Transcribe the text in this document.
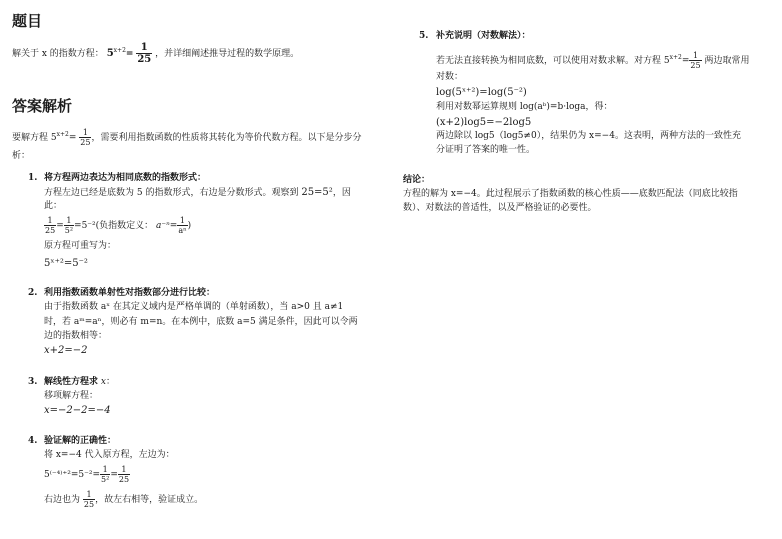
题目
解关于 x 的指数方程： $5^{x+2}= \frac{1}{25}$ ，并详细阐述推导过程的数学原理。
答案解析
要解方程 $5^{x+2}= \frac{1}{25}$ ，需要利用指数函数的性质将其转化为等价代数方程。以下是分步分
析：
1. 将方程两边表达为相同底数的指数形式：
方程左边已经是底数为 5 的指数形式，右边是分数形式。观察到 25=5²，因
此：
$\frac{1}{25} = \frac{1}{\text{5²}} =5^{-2}$(负指数定义： $a^{-n}= \frac{1}{\text{aⁿ}}$ )
原方程可重写为：
5ˣ⁺²=5⁻²
2. 利用指数函数单射性对指数部分进行比较：
由于指数函数 aˣ 在其定义域内是严格单调的（单射函数），当 a>0 且 a≠1
时，若 aᵐ=aⁿ，则必有 m=n。在本例中，底数 a=5 满足条件，因此可以令两
边的指数相等：
x+2=−2
3. 解线性方程求 x：
移项解方程：
x=−2−2=−4
4. 验证解的正确性：
将 x=−4 代入原方程，左边为：
$5^{(-4)+2}=5^{-2}= \frac{1}{\text{5²}} = \frac{1}{25}$
右边也为 $\frac{1}{25}$ ，故左右相等，验证成立。
5. 补充说明（对数解法）：
若无法直接转换为相同底数，可以使用对数求解。对方程 $5^{x+2}= \frac{1}{25}$ 两边取常用
对数：
log(5ˣ⁺²)=log(5⁻²)
利用对数幂运算规则 log(aᵇ)=b·loga，得：
(x+2)log5=−2log5
两边除以 log5（log5≠0），结果仍为 x=−4。这表明，两种方法的一致性充
分证明了答案的唯一性。
结论：
方程的解为 x=−4。此过程展示了指数函数的核心性质——底数匹配法（同底比较指
数）、对数法的普适性，以及严格验证的必要性。
